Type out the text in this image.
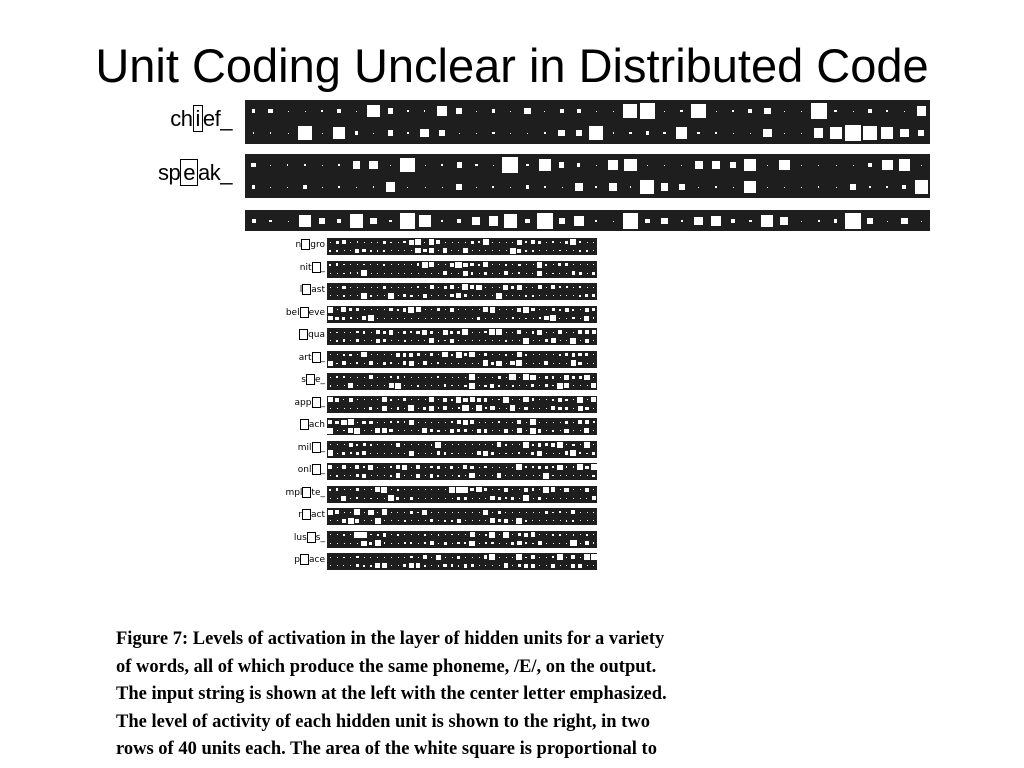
Unit Coding Unclear in Distributed Code
ch i ef_
sp e ak_
n gro
nit _
l ast
bel eve
qua
art _
s e_
app _
ach
mil _
onl _
mpl te_
r act
lus s_
p ace

Figure 7: Levels of activation in the layer of hidden units for a variety

of words, all of which produce the same phoneme, /E/, on the output.

The input string is shown at the left with the center letter emphasized.

The level of activity of each hidden unit is shown to the right, in two

rows of 40 units each. The area of the white square is proportional to
